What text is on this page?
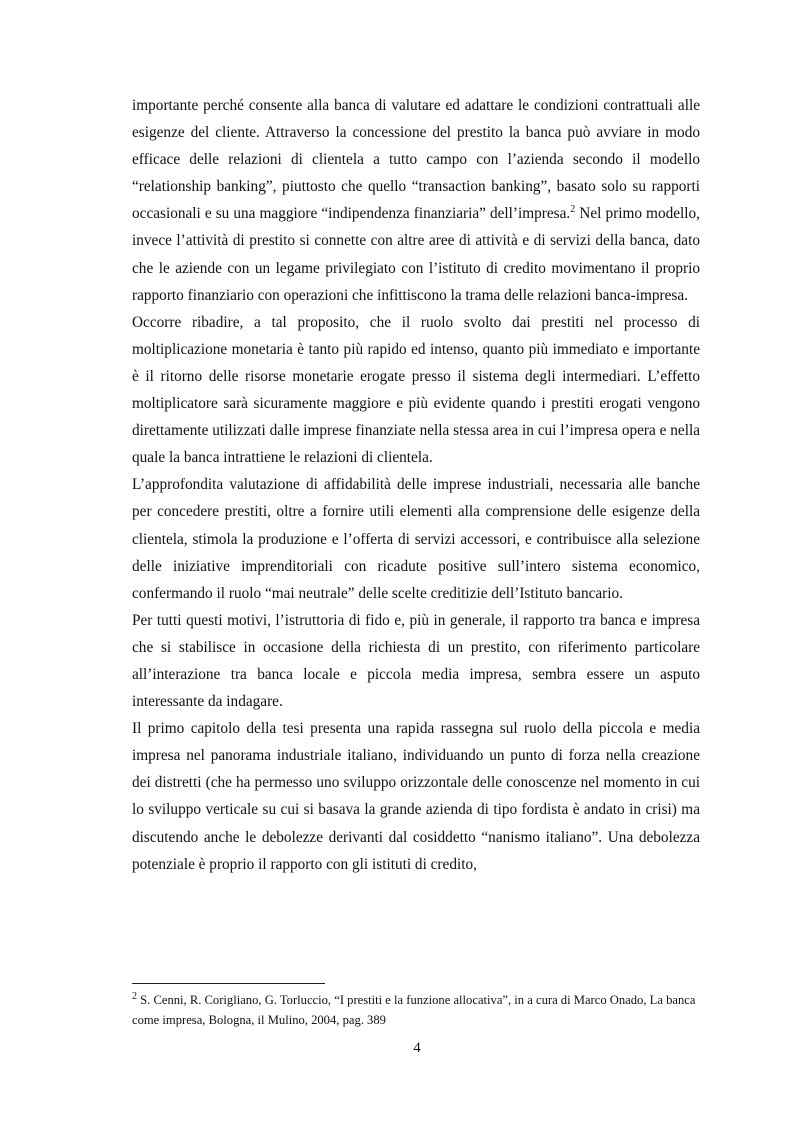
importante perché consente alla banca di valutare ed adattare le condizioni contrattuali alle esigenze del cliente. Attraverso la concessione del prestito la banca può avviare in modo efficace delle relazioni di clientela a tutto campo con l’azienda secondo il modello “relationship banking”, piuttosto che quello “transaction banking”, basato solo su rapporti occasionali e su una maggiore “indipendenza finanziaria” dell’impresa.$^2$ Nel primo modello, invece l’attività di prestito si connette con altre aree di attività e di servizi della banca, dato che le aziende con un legame privilegiato con l’istituto di credito movimentano il proprio rapporto finanziario con operazioni che infittiscono la trama delle relazioni banca-impresa.

Occorre ribadire, a tal proposito, che il ruolo svolto dai prestiti nel processo di moltiplicazione monetaria è tanto più rapido ed intenso, quanto più immediato e importante è il ritorno delle risorse monetarie erogate presso il sistema degli intermediari. L’effetto moltiplicatore sarà sicuramente maggiore e più evidente quando i prestiti erogati vengono direttamente utilizzati dalle imprese finanziate nella stessa area in cui l’impresa opera e nella quale la banca intrattiene le relazioni di clientela.

L’approfondita valutazione di affidabilità delle imprese industriali, necessaria alle banche per concedere prestiti, oltre a fornire utili elementi alla comprensione delle esigenze della clientela, stimola la produzione e l’offerta di servizi accessori, e contribuisce alla selezione delle iniziative imprenditoriali con ricadute positive sull’intero sistema economico, confermando il ruolo “mai neutrale” delle scelte creditizie dell’Istituto bancario.

Per tutti questi motivi, l’istruttoria di fido e, più in generale, il rapporto tra banca e impresa che si stabilisce in occasione della richiesta di un prestito, con riferimento particolare all’interazione tra banca locale e piccola media impresa, sembra essere un asputo interessante da indagare.

Il primo capitolo della tesi presenta una rapida rassegna sul ruolo della piccola e media impresa nel panorama industriale italiano, individuando un punto di forza nella creazione dei distretti (che ha permesso uno sviluppo orizzontale delle conoscenze nel momento in cui lo sviluppo verticale su cui si basava la grande azienda di tipo fordista è andato in crisi) ma discutendo anche le debolezze derivanti dal cosiddetto “nanismo italiano”. Una debolezza potenziale è proprio il rapporto con gli istituti di credito,

$^2$ S. Cenni, R. Corigliano, G. Torluccio, “I prestiti e la funzione allocativa”, in a cura di Marco Onado, La banca come impresa, Bologna, il Mulino, 2004, pag. 389
4
